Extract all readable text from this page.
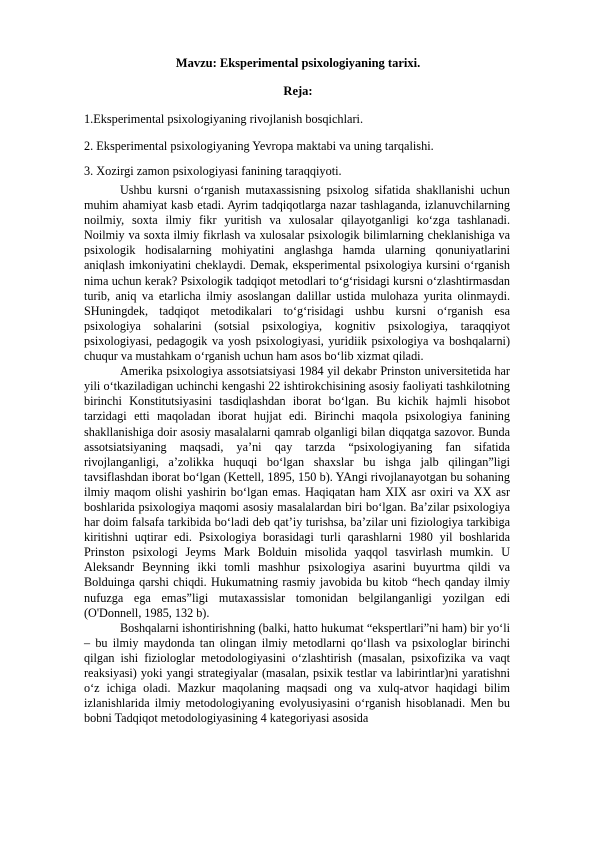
Mavzu: Eksperimental psixologiyaning tarixi.
Reja:
1.Eksperimental psixologiyaning rivojlanish bosqichlari.
2. Eksperimental psixologiyaning Yevropa maktabi va uning tarqalishi.
3. Xozirgi zamon psixologiyasi fanining taraqqiyoti.

Ushbu kursni o‘rganish mutaxassisning psixolog sifatida shakllanishi uchun muhim ahamiyat kasb etadi. Ayrim tadqiqotlarga nazar tashlaganda, izlanuvchilarning noilmiy, soxta ilmiy fikr yuritish va xulosalar qilayotganligi ko‘zga tashlanadi. Noilmiy va soxta ilmiy fikrlash va xulosalar psixologik bilimlarning cheklanishiga va psixologik hodisalarning mohiyatini anglashga hamda ularning qonuniyatlarini aniqlash imkoniyatini cheklaydi. Demak, eksperimental psixologiya kursini o‘rganish nima uchun kerak? Psixologik tadqiqot metodlari to‘g‘risidagi kursni o‘zlashtirmasdan turib, aniq va etarlicha ilmiy asoslangan dalillar ustida mulohaza yurita olinmaydi. SHuningdek, tadqiqot metodikalari to‘g‘risidagi ushbu kursni o‘rganish esa psixologiya sohalarini (sotsial psixologiya, kognitiv psixologiya, taraqqiyot psixologiyasi, pedagogik va yosh psixologiyasi, yuridiik psixologiya va boshqalarni) chuqur va mustahkam o‘rganish uchun ham asos bo‘lib xizmat qiladi.

Amerika psixologiya assotsiatsiyasi 1984 yil dekabr Prinston universitetida har yili o‘tkaziladigan uchinchi kengashi 22 ishtirokchisining asosiy faoliyati tashkilotning birinchi Konstitutsiyasini tasdiqlashdan iborat bo‘lgan. Bu kichik hajmli hisobot tarzidagi etti maqoladan iborat hujjat edi. Birinchi maqola psixologiya fanining shakllanishiga doir asosiy masalalarni qamrab olganligi bilan diqqatga sazovor. Bunda assotsiatsiyaning maqsadi, ya’ni qay tarzda “psixologiyaning fan sifatida rivojlanganligi, a’zolikka huquqi bo‘lgan shaxslar bu ishga jalb qilingan”ligi tavsiflashdan iborat bo‘lgan (Kettell, 1895, 150 b). YAngi rivojlanayotgan bu sohaning ilmiy maqom olishi yashirin bo‘lgan emas. Haqiqatan ham XIX asr oxiri va XX asr boshlarida psixologiya maqomi asosiy masalalardan biri bo‘lgan. Ba’zilar psixologiya har doim falsafa tarkibida bo‘ladi deb qat’iy turishsa, ba’zilar uni fiziologiya tarkibiga kiritishni uqtirar edi. Psixologiya borasidagi turli qarashlarni 1980 yil boshlarida Prinston psixologi Jeyms Mark Bolduin misolida yaqqol tasvirlash mumkin. U Aleksandr Beynning ikki tomli mashhur psixologiya asarini buyurtma qildi va Bolduinga qarshi chiqdi. Hukumatning rasmiy javobida bu kitob “hech qanday ilmiy nufuzga ega emas”ligi mutaxassislar tomonidan belgilanganligi yozilgan edi (O'Donnell, 1985, 132 b).

Boshqalarni ishontirishning (balki, hatto hukumat “ekspertlari”ni ham) bir yo‘li – bu ilmiy maydonda tan olingan ilmiy metodlarni qo‘llash va psixologlar birinchi qilgan ishi fiziologlar metodologiyasini o‘zlashtirish (masalan, psixofizika va vaqt reaksiyasi) yoki yangi strategiyalar (masalan, psixik testlar va labirintlar)ni yaratishni o‘z ichiga oladi. Mazkur maqolaning maqsadi ong va xulq-atvor haqidagi bilim izlanishlarida ilmiy metodologiyaning evolyusiyasini o‘rganish hisoblanadi. Men bu bobni Tadqiqot metodologiyasining 4 kategoriyasi asosida
